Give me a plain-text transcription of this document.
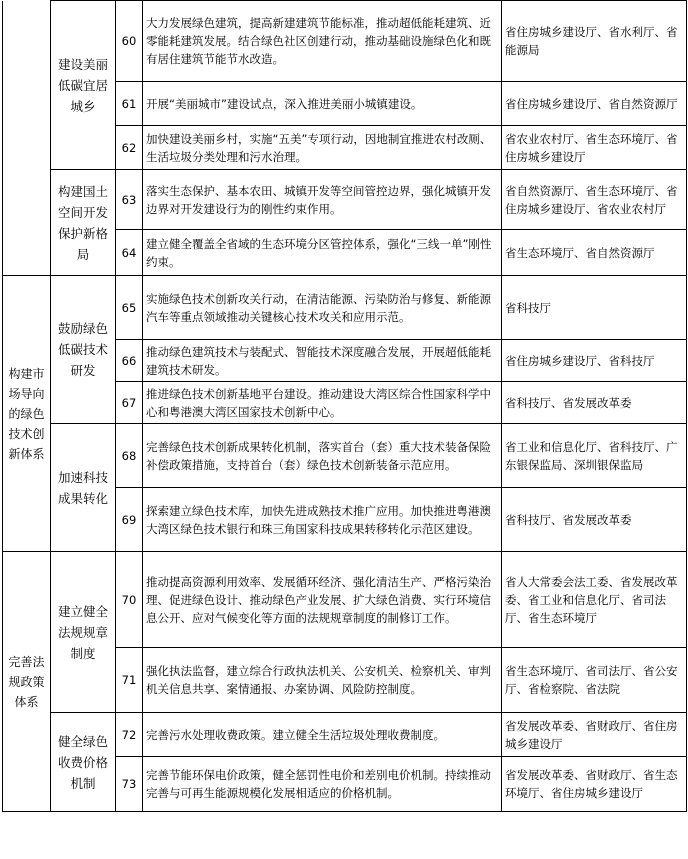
	建设美丽低碳宜居城乡	60	大力发展绿色建筑，提高新建建筑节能标准，推动超低能耗建筑、近零能耗建筑发展。结合绿色社区创建行动，推动基础设施绿色化和既有居住建筑节能节水改造。	省住房城乡建设厅、省水利厅、省能源局
		61	开展“美丽城市”建设试点，深入推进美丽小城镇建设。	省住房城乡建设厅、省自然资源厅
		62	加快建设美丽乡村，实施“五美”专项行动，因地制宜推进农村改厕、生活垃圾分类处理和污水治理。	省农业农村厅、省生态环境厅、省住房城乡建设厅
	构建国土空间开发保护新格局	63	落实生态保护、基本农田、城镇开发等空间管控边界，强化城镇开发边界对开发建设行为的刚性约束作用。	省自然资源厅、省生态环境厅、省住房城乡建设厅、省农业农村厅
		64	建立健全覆盖全省域的生态环境分区管控体系，强化“三线一单”刚性约束。	省生态环境厅、省自然资源厅
构建市场导向的绿色技术创新体系	鼓励绿色低碳技术研发	65	实施绿色技术创新攻关行动，在清洁能源、污染防治与修复、新能源汽车等重点领域推动关键核心技术攻关和应用示范。	省科技厅
		66	推动绿色建筑技术与装配式、智能技术深度融合发展，开展超低能耗建筑技术研发。	省住房城乡建设厅、省科技厅
		67	推进绿色技术创新基地平台建设。推动建设大湾区综合性国家科学中心和粤港澳大湾区国家技术创新中心。	省科技厅、省发展改革委
	加速科技成果转化	68	完善绿色技术创新成果转化机制，落实首台（套）重大技术装备保险补偿政策措施，支持首台（套）绿色技术创新装备示范应用。	省工业和信息化厅、省科技厅、广东银保监局、深圳银保监局
		69	探索建立绿色技术库，加快先进成熟技术推广应用。加快推进粤港澳大湾区绿色技术银行和珠三角国家科技成果转移转化示范区建设。	省科技厅、省发展改革委
完善法规政策体系	建立健全法规规章制度	70	推动提高资源利用效率、发展循环经济、强化清洁生产、严格污染治理、促进绿色设计、推动绿色产业发展、扩大绿色消费、实行环境信息公开、应对气候变化等方面的法规规章制度的制修订工作。	省人大常委会法工委、省发展改革委、省工业和信息化厅、省司法厅、省生态环境厅
		71	强化执法监督，建立综合行政执法机关、公安机关、检察机关、审判机关信息共享、案情通报、办案协调、风险防控制度。	省生态环境厅、省司法厅、省公安厅、省检察院、省法院
	健全绿色收费价格机制	72	完善污水处理收费政策。建立健全生活垃圾处理收费制度。	省发展改革委、省财政厅、省住房城乡建设厅
		73	完善节能环保电价政策，健全惩罚性电价和差别电价机制。持续推动完善与可再生能源规模化发展相适应的价格机制。	省发展改革委、省财政厅、省生态环境厅、省住房城乡建设厅
